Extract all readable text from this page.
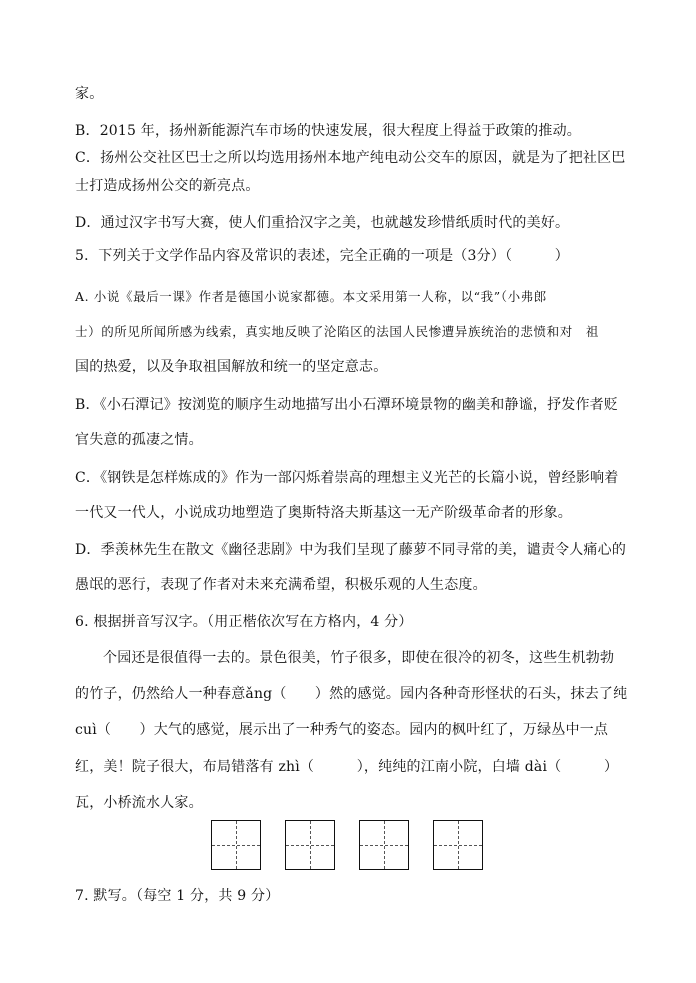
家。
B．2015 年，扬州新能源汽车市场的快速发展，很大程度上得益于政策的推动。
C．扬州公交社区巴士之所以均选用扬州本地产纯电动公交车的原因，就是为了把社区巴
士打造成扬州公交的新亮点。
D．通过汉字书写大赛，使人们重拾汉字之美，也就越发珍惜纸质时代的美好。
5．下列关于文学作品内容及常识的表述，完全正确的一项是（3分）（　　　）
A. 小说《最后一课》作者是德国小说家都德。本文采用第一人称，以“我”（小弗郎
士）的所见所闻所感为线索，真实地反映了沦陷区的法国人民惨遭异族统治的悲愤和对　祖
国的热爱，以及争取祖国解放和统一的坚定意志。
B．《小石潭记》按浏览的顺序生动地描写出小石潭环境景物的幽美和静谧，抒发作者贬
官失意的孤凄之情。
C．《钢铁是怎样炼成的》作为一部闪烁着崇高的理想主义光芒的长篇小说，曾经影响着
一代又一代人，小说成功地塑造了奥斯特洛夫斯基这一无产阶级革命者的形象。
D．季羡林先生在散文《幽径悲剧》中为我们呈现了藤萝不同寻常的美，谴责令人痛心的
愚氓的恶行，表现了作者对未来充满希望，积极乐观的人生态度。
6. 根据拼音写汉字。（用正楷依次写在方格内，4 分）
个园还是很值得一去的。景色很美，竹子很多，即使在很冷的初冬，这些生机勃勃
的竹子，仍然给人一种春意ǎng（　　）然的感觉。园内各种奇形怪状的石头，抹去了纯
cuì（　　）大气的感觉，展示出了一种秀气的姿态。园内的枫叶红了，万绿丛中一点
红，美！院子很大，布局错落有 zhì（　　　），纯纯的江南小院，白墙 dài（　　　）
瓦，小桥流水人家。
7. 默写。（每空 1 分，共 9 分）
